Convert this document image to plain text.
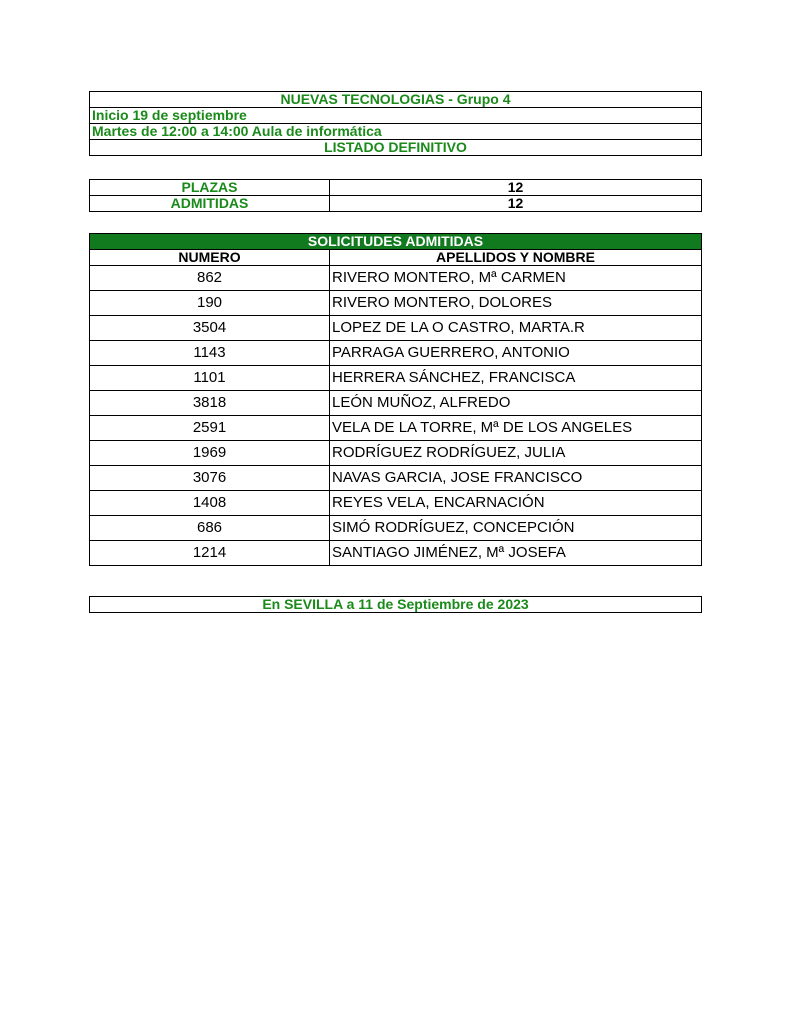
NUEVAS TECNOLOGIAS - Grupo 4
Inicio 19 de septiembre
Martes de 12:00 a 14:00 Aula de informática
LISTADO DEFINITIVO
PLAZAS	12
ADMITIDAS	12
SOLICITUDES ADMITIDAS	
NUMERO	APELLIDOS Y NOMBRE
862	RIVERO MONTERO, Mª CARMEN
190	RIVERO MONTERO, DOLORES
3504	LOPEZ DE LA O CASTRO, MARTA.R
1143	PARRAGA GUERRERO, ANTONIO
1101	HERRERA SÁNCHEZ, FRANCISCA
3818	LEÓN MUÑOZ, ALFREDO
2591	VELA DE LA TORRE, Mª DE LOS ANGELES
1969	RODRÍGUEZ RODRÍGUEZ, JULIA
3076	NAVAS GARCIA, JOSE FRANCISCO
1408	REYES VELA, ENCARNACIÓN
686	SIMÓ RODRÍGUEZ, CONCEPCIÓN
1214	SANTIAGO JIMÉNEZ, Mª JOSEFA
En SEVILLA a 11 de Septiembre de 2023
